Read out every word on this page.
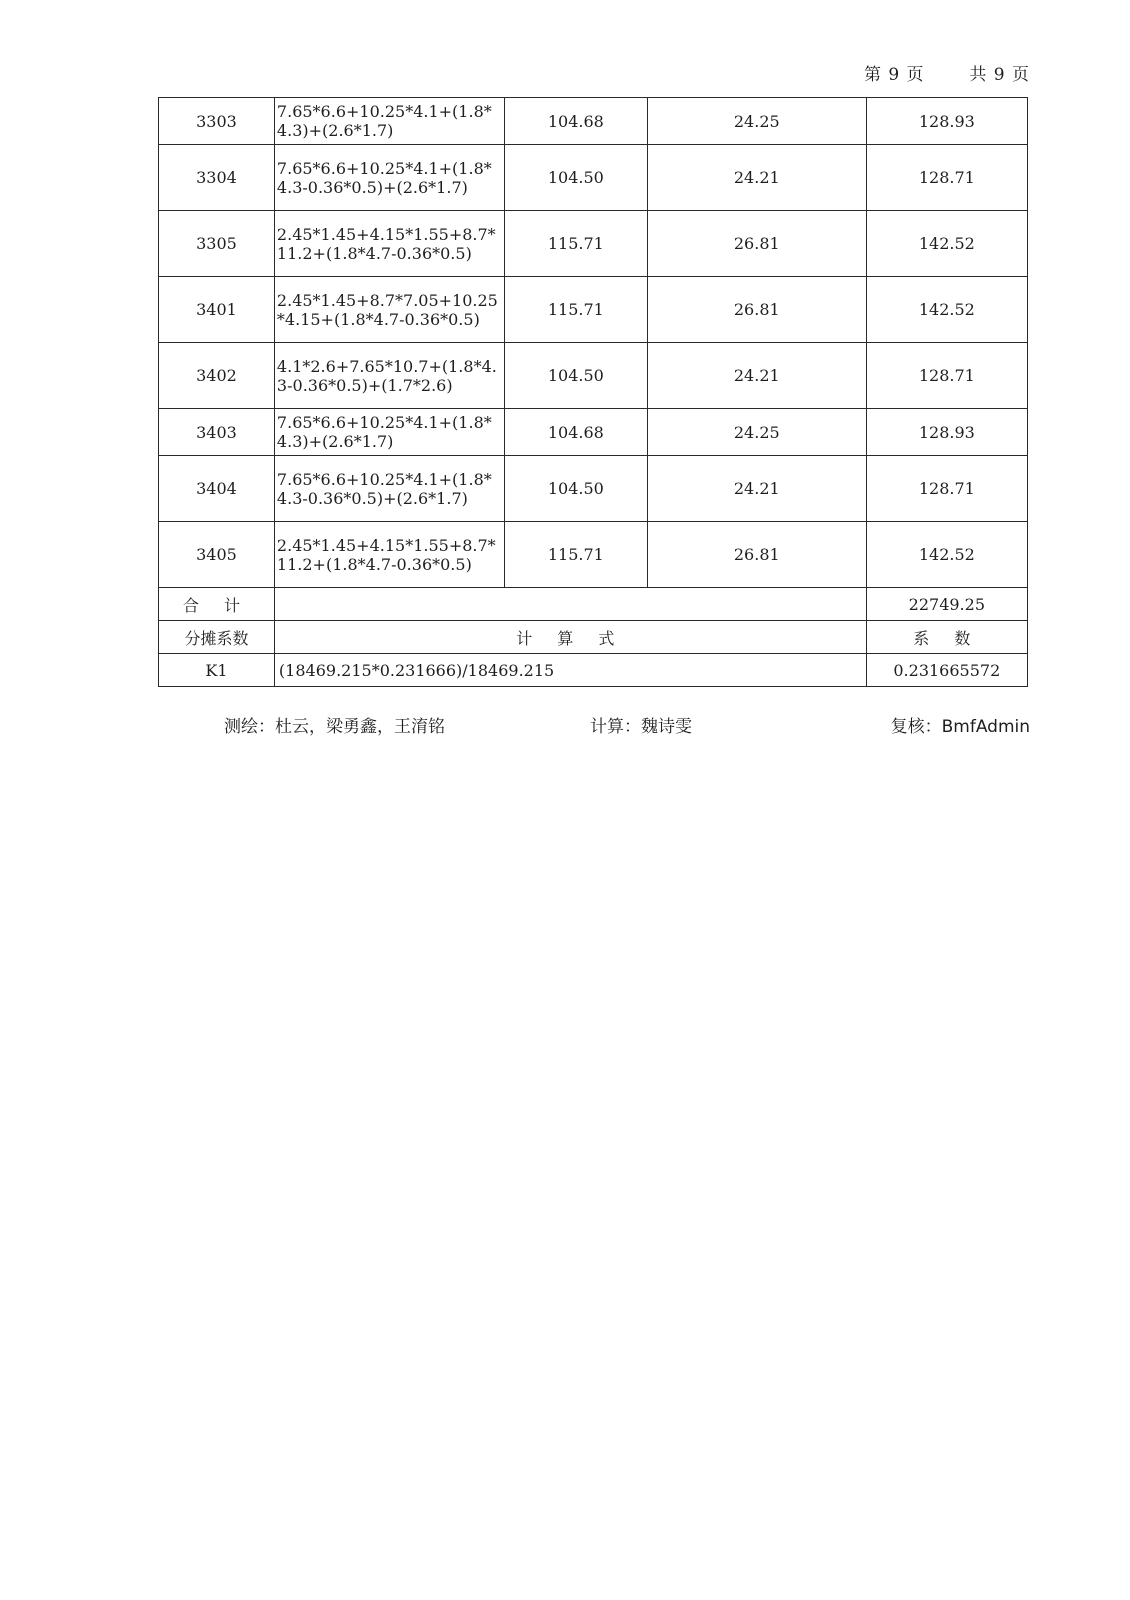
第 9 页	共 9 页
3303	7.65*6.6+10.25*4.1+(1.8*4.3)+(2.6*1.7)	104.68	24.25	128.93
3304	7.65*6.6+10.25*4.1+(1.8*4.3-0.36*0.5)+(2.6*1.7)	104.50	24.21	128.71
3305	2.45*1.45+4.15*1.55+8.7*11.2+(1.8*4.7-0.36*0.5)	115.71	26.81	142.52
3401	2.45*1.45+8.7*7.05+10.25*4.15+(1.8*4.7-0.36*0.5)	115.71	26.81	142.52
3402	4.1*2.6+7.65*10.7+(1.8*4.3-0.36*0.5)+(1.7*2.6)	104.50	24.21	128.71
3403	7.65*6.6+10.25*4.1+(1.8*4.3)+(2.6*1.7)	104.68	24.25	128.93
3404	7.65*6.6+10.25*4.1+(1.8*4.3-0.36*0.5)+(2.6*1.7)	104.50	24.21	128.71
3405	2.45*1.45+4.15*1.55+8.7*11.2+(1.8*4.7-0.36*0.5)	115.71	26.81	142.52
合 计				22749.25
分摊系数	计 算 式			系 数
K1	(18469.215*0.231666)/18469.215			0.231665572
测绘：杜云，梁勇鑫，王淯铭	计算：魏诗雯	复核：BmfAdmin
